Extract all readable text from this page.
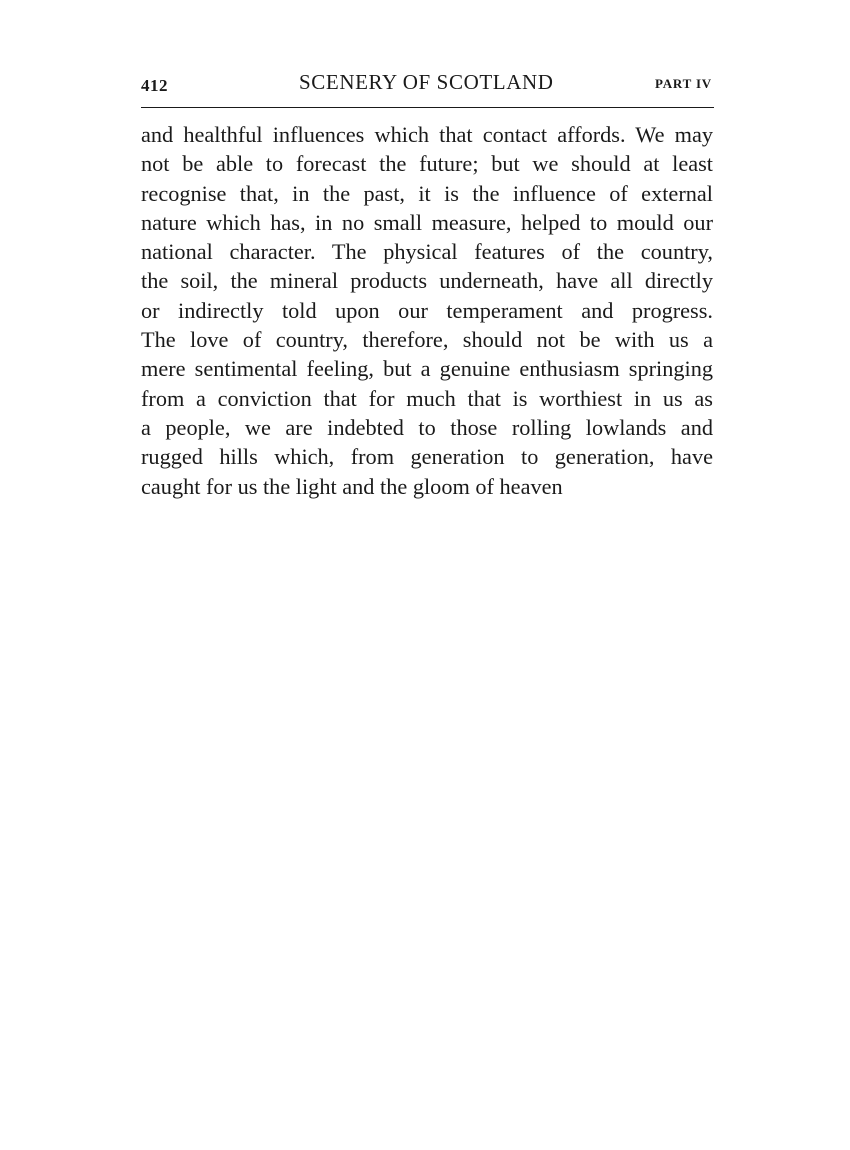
412	SCENERY OF SCOTLAND	PART IV
and healthful influences which that contact affords. We may
not be able to forecast the future; but we should at least
recognise that, in the past, it is the influence of external
nature which has, in no small measure, helped to mould our
national character. The physical features of the country,
the soil, the mineral products underneath, have all directly
or indirectly told upon our temperament and progress.
The love of country, therefore, should not be with us a
mere sentimental feeling, but a genuine enthusiasm springing
from a conviction that for much that is worthiest in us as
a people, we are indebted to those rolling lowlands and
rugged hills which, from generation to generation, have
caught for us the light and the gloom of heaven
